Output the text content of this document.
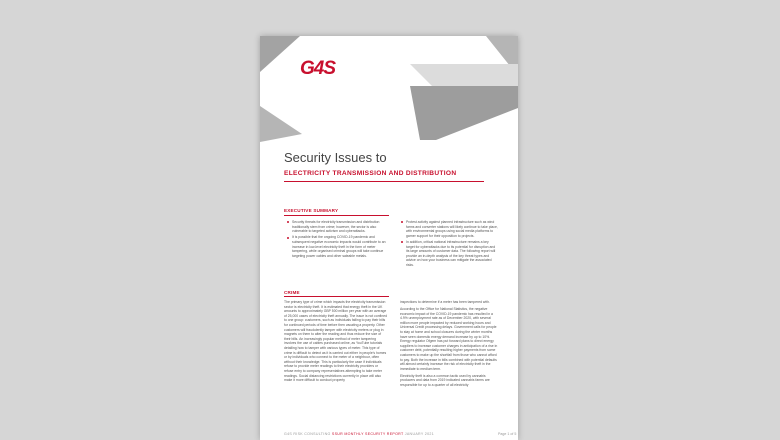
G4S
Security Issues to
ELECTRICITY TRANSMISSION AND DISTRIBUTION
EXECUTIVE SUMMARY
Security threats for electricity transmission and distribution traditionally stem from crime; however, the sector is also vulnerable to targeted activism and cyberattacks.
It is possible that the ongoing COVID-19 pandemic and subsequent negative economic impacts would contribute to an increase in low-level electricity theft in the form of meter tampering, while organised criminal groups will take continue targeting power cables and other saleable metals.
Protest activity against planned infrastructure such as wind farms and converter stations will likely continue to take place, with environmental groups using social media platforms to garner support for their opposition to projects.
In addition, critical national infrastructure remains a key target for cyberattacks due to its potential for disruption and its large amounts of customer data. The following report will provide an in-depth analysis of the key threat types and advice on how your business can mitigate the associated risks.
CRIME

The primary type of crime which impacts the electricity transmission sector is electricity theft. It is estimated that energy theft in the UK amounts to approximately GBP 500 million per year with an average of 25,000 cases of electricity theft annually. The issue is not confined to one group: customers, such as individuals failing to pay their bills for continued periods of time before then vacating a property. Other customers will fraudulently tamper with electricity meters or plug in magnets on them to alter the reading and thus reduce the size of their bills. An increasingly popular method of meter tampering involves the use of cables purchased online, as YouTube tutorials detailing how to tamper with various types of meter. This type of crime is difficult to detect as it is carried out either in people's homes or by individuals who connect to the meter of a neighbour, often without their knowledge. This is particularly the case if individuals refuse to provide meter readings to their electricity providers or refuse entry to company representatives attempting to take meter readings. Social distancing restrictions currently in place will also make it more difficult to conduct property

inspections to determine if a meter has been tampered with.

According to the Office for National Statistics, the negative economic impact of the COVID-19 pandemic has resulted in a 4.9% unemployment rate as of December 2020, with several million more people impacted by reduced working hours and Universal Credit processing delays. Government calls for people to stay at home and school closures during the winter months have seen domestic energy demand increase by up to 10%. Energy regulator Ofgem has put forward plans to direct energy suppliers to increase customer charges in anticipation of a rise in customer debt, potentially resulting higher payments from some customers to make up the shortfall from those who cannot afford to pay. Both the increase in bills combined with potential defaults will almost certainly increase the risk of electricity theft in the immediate to medium term.

Electricity theft is also a common tactic used by cannabis producers and data from 2019 indicated cannabis farms are responsible for up to a quarter of all electricity

G4S RISK CONSULTING SSUR MONTHLY SECURITY REPORT JANUARY 2021	Page 1 of 5
